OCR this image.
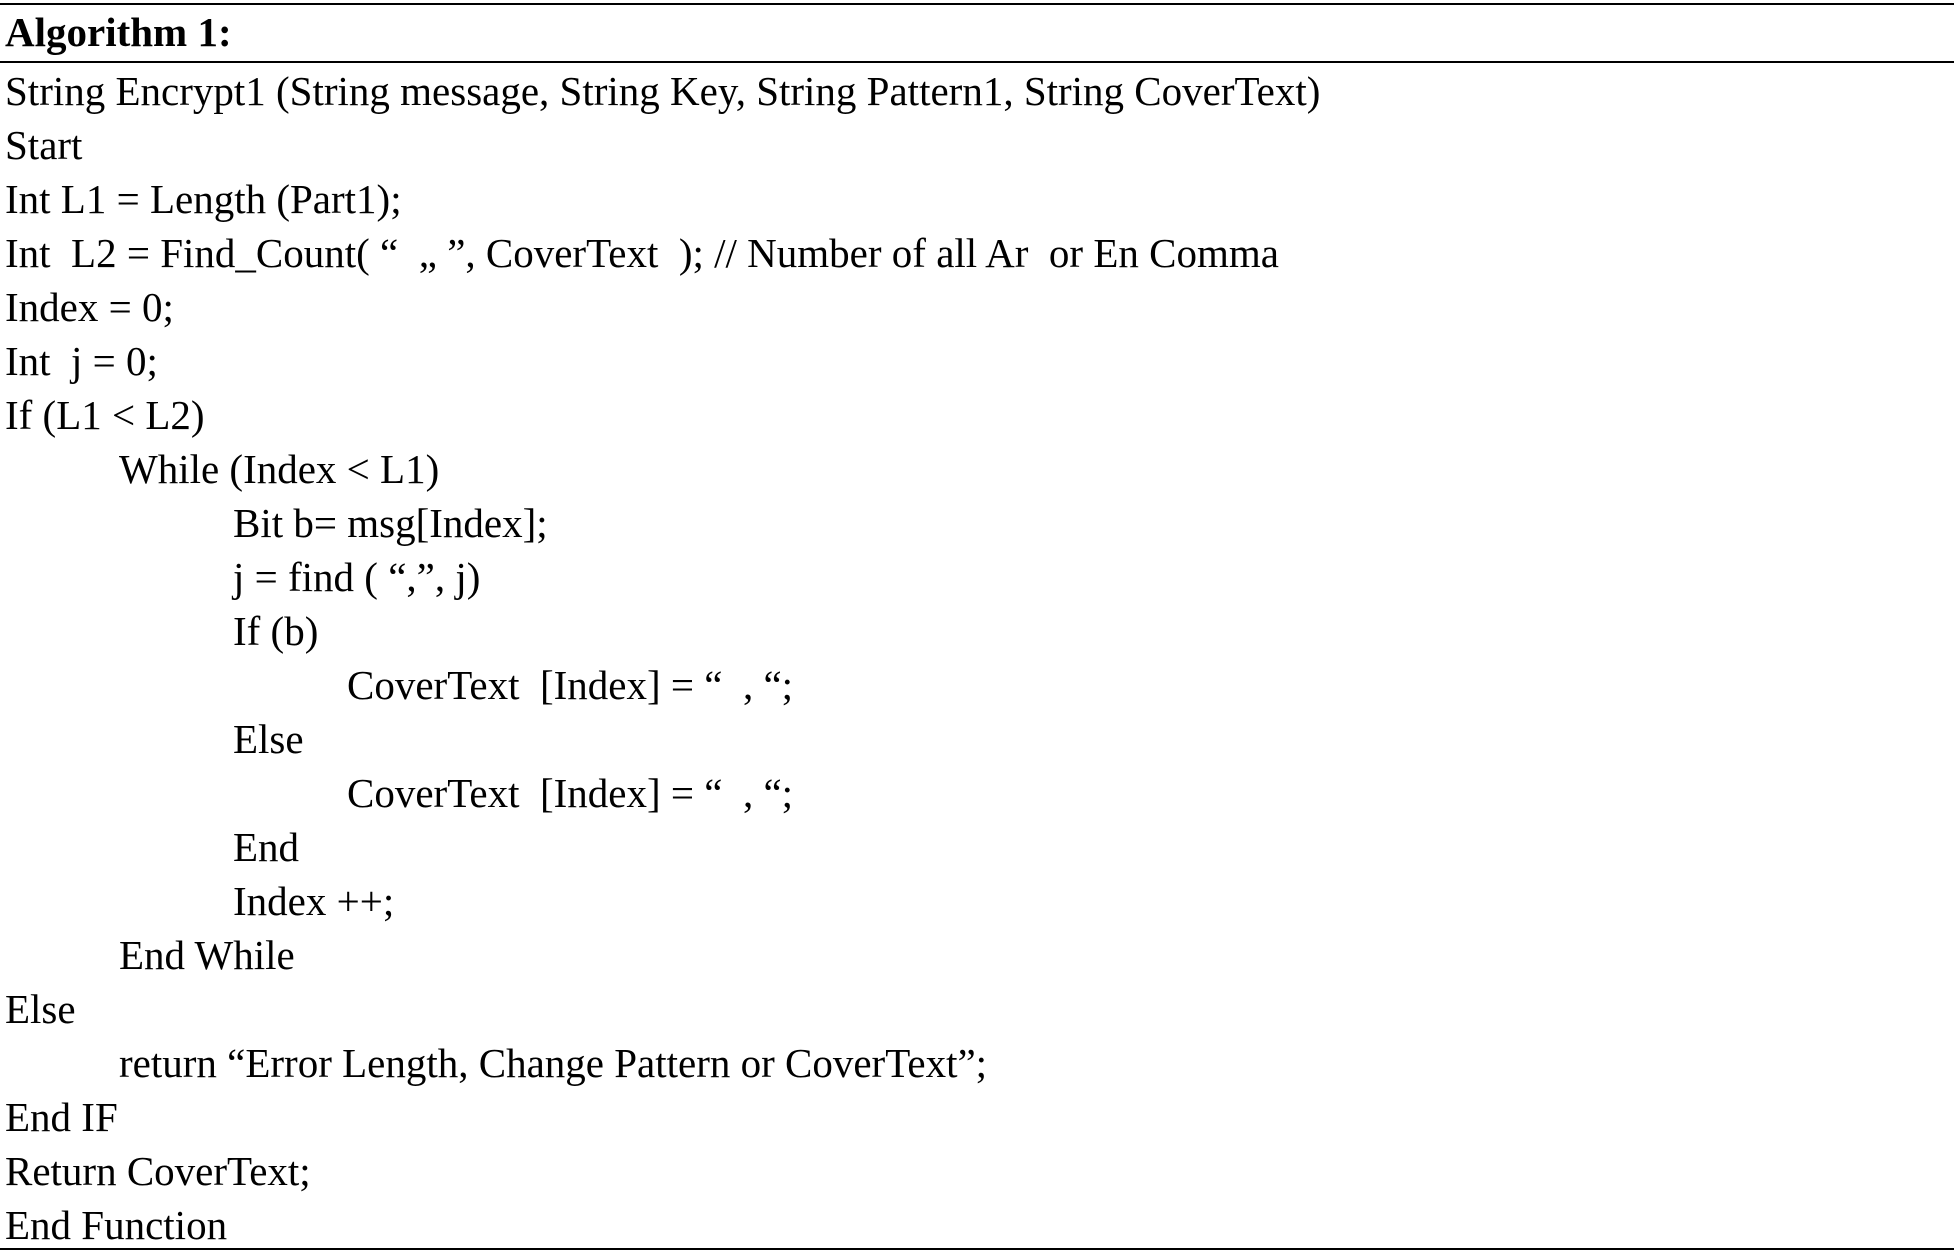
Algorithm 1:
String Encrypt1 (String message, String Key, String Pattern1, String CoverText)
Start
Int L1 = Length (Part1);
Int  L2 = Find_Count( “  „ ”, CoverText  ); // Number of all Ar  or En Comma
Index = 0;
Int  j = 0;
If (L1 < L2)
While (Index < L1)
Bit b= msg[Index];
j = find ( “,”, j)
If (b)
CoverText  [Index] = “  , “;
Else
CoverText  [Index] = “  , “;
End
Index ++;
End While
Else
return “Error Length, Change Pattern or CoverText”;
End IF
Return CoverText;
End Function
